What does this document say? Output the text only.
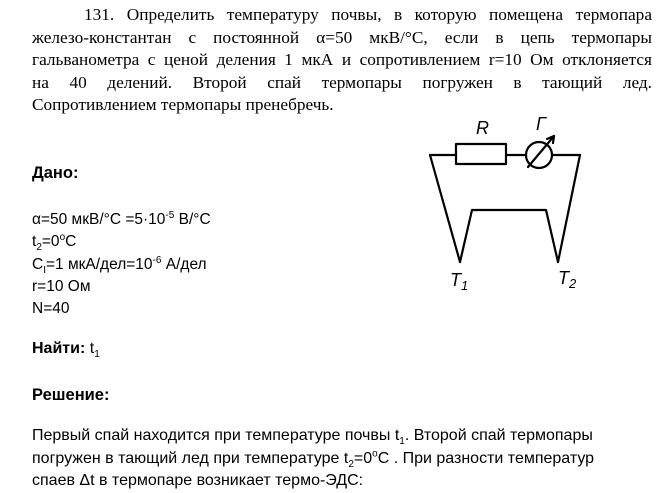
131. Определить температуру почвы, в которую помещена термопара
железо-константан с постоянной α=50 мкВ/°С, если в цепь термопары
гальванометра с ценой деления 1 мкА и сопротивлением r=10 Ом отклоняется
на 40 делений. Второй спай термопары погружен в тающий лед.
Сопротивлением термопары пренебречь.
Дано:
α=50 $мкВ/^\circ С =5\cdot 10^{-5}$ В/°С
$t_2=0^oС$
$С_I=1$ мкА/$дел=10^{-6}$ А/дел
r=10 Ом
N=40
Найти: $t_1$
Решение:
Первый спай находится при температуре почвы $t_1$. Второй спай термопары
погружен в тающий лед при температуре $t_2=0^oС$ . При разности температур
спаев Δt в термопаре возникает термо-ЭДС:
R	Г
$T_1$	$T_2$
